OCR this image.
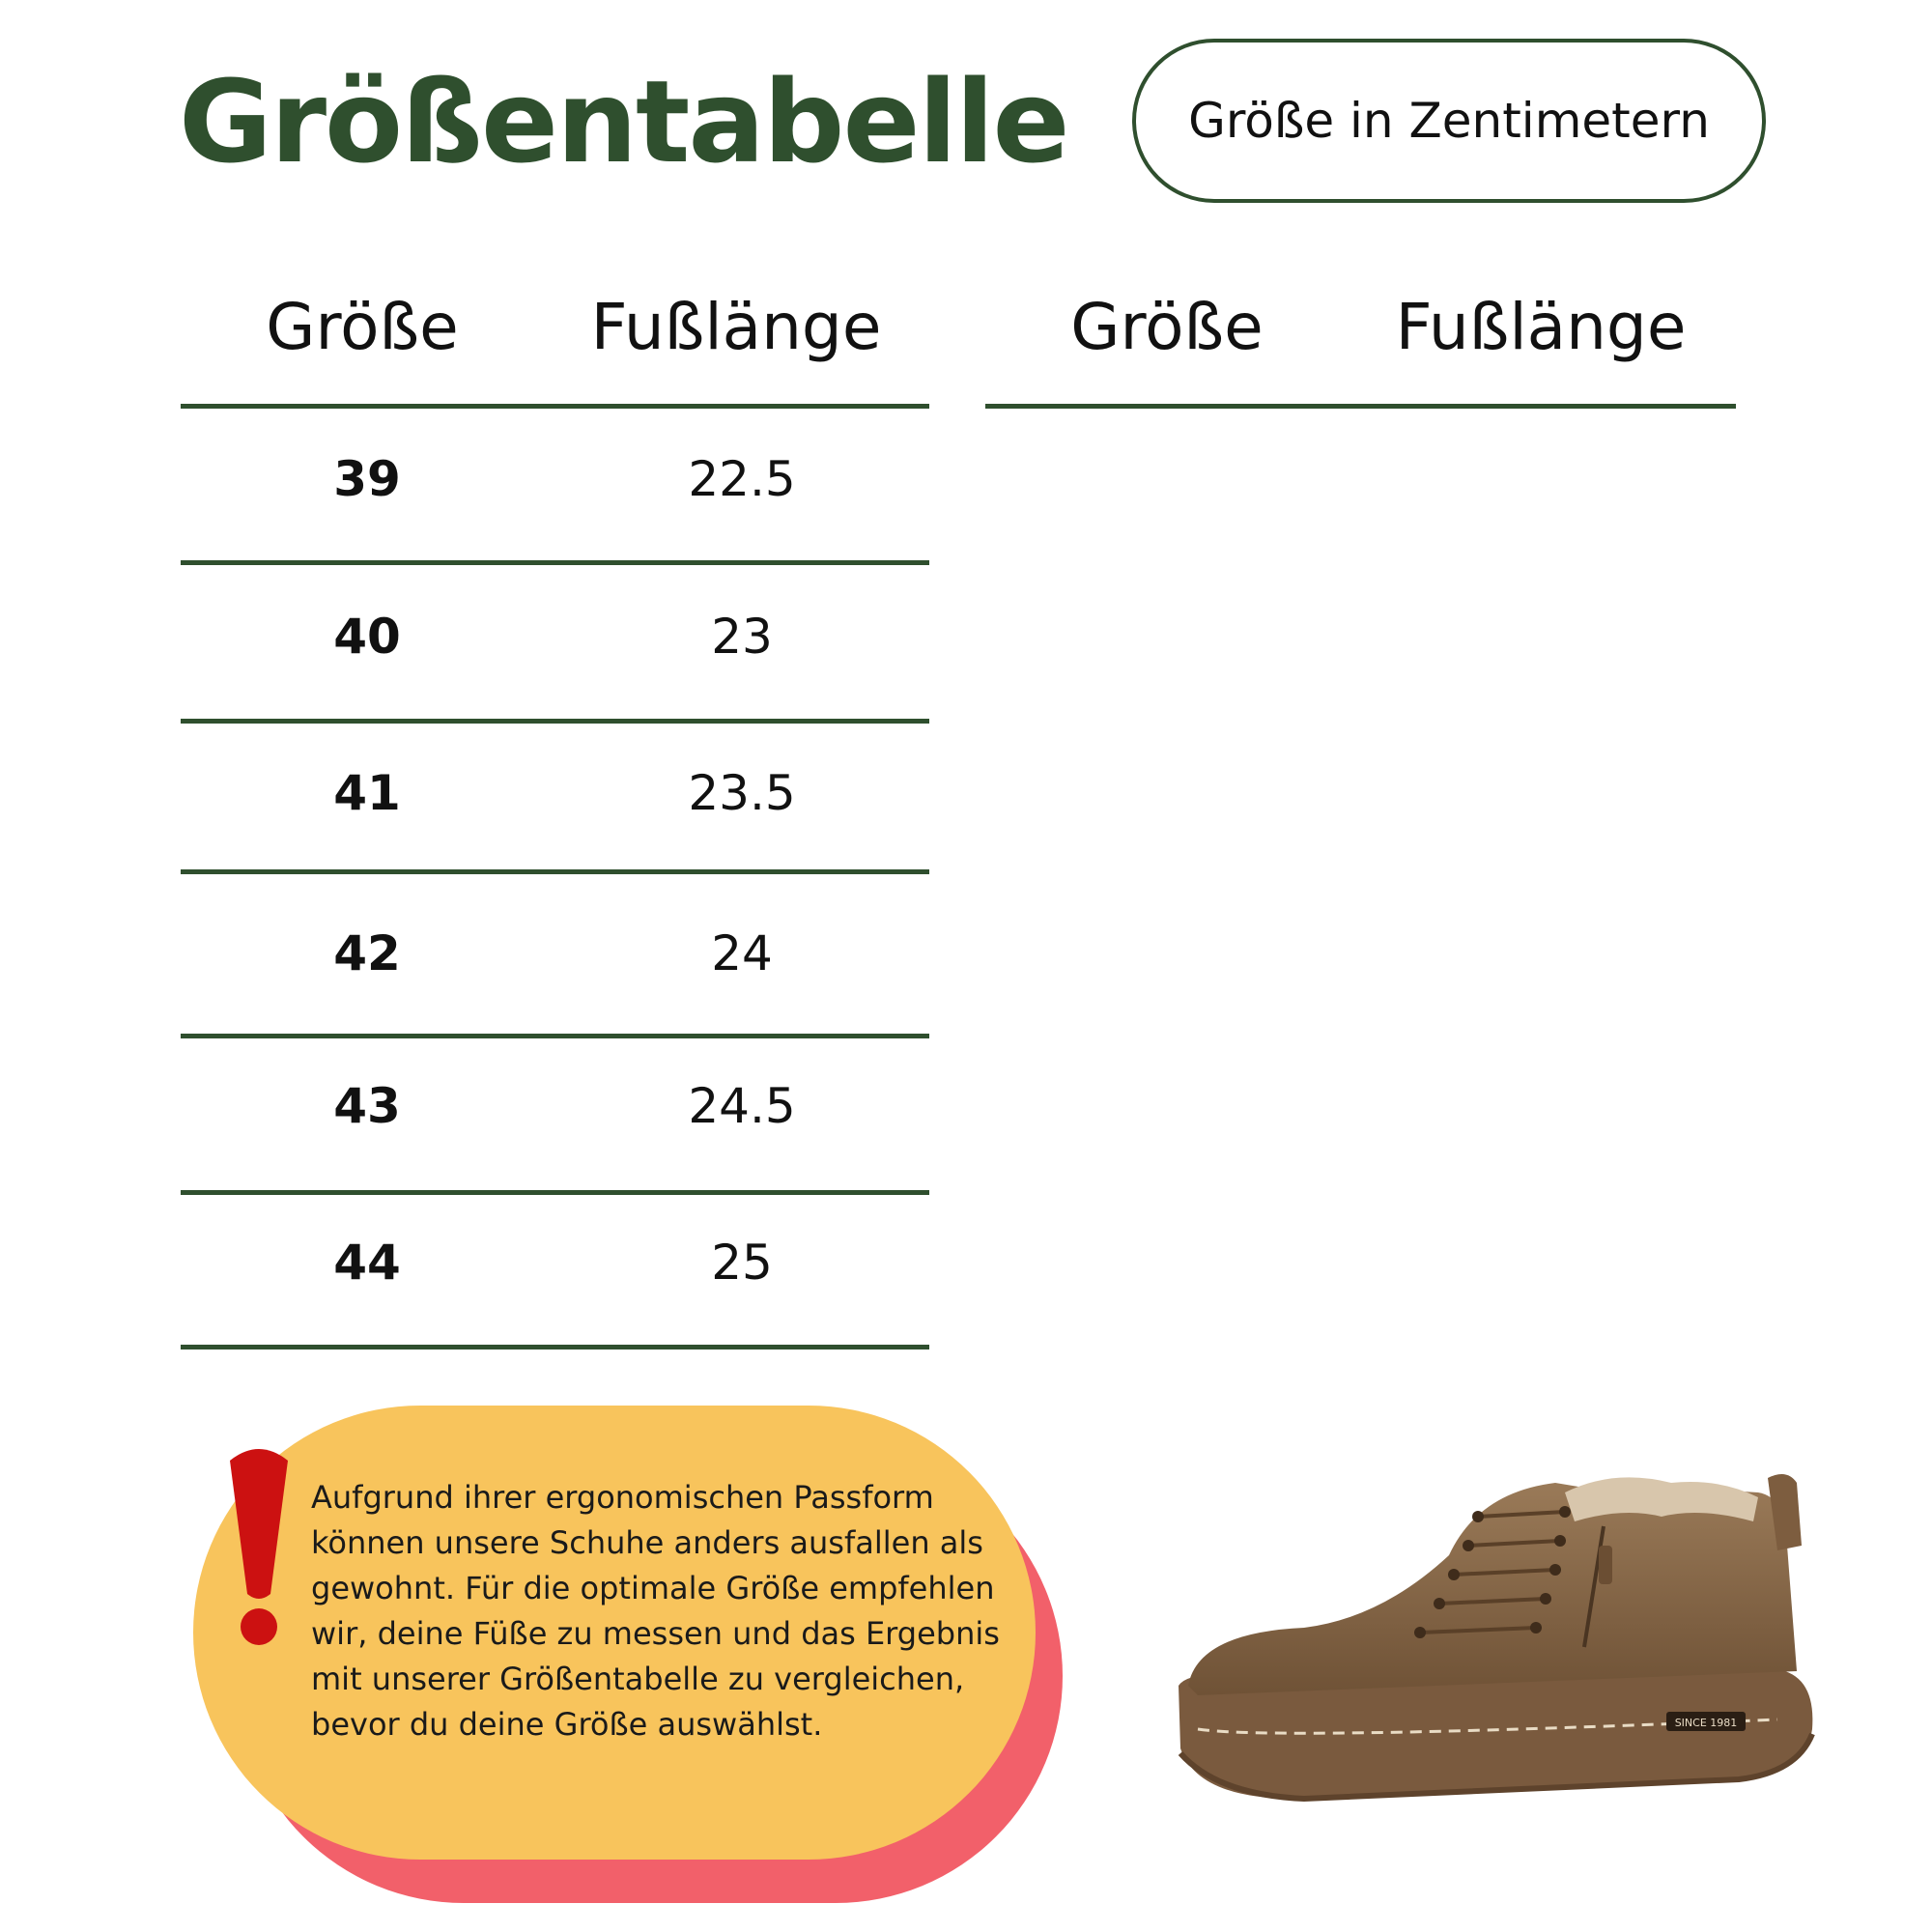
Größentabelle	Größe in Zentimetern
Größe	Fußlänge	Größe	Fußlänge
39	22.5
40	23
41	23.5
42	24
43	24.5
44	25

Aufgrund ihrer ergonomischen Passform können unsere Schuhe anders ausfallen als gewohnt. Für die optimale Größe empfehlen wir, deine Füße zu messen und das Ergebnis mit unserer Größentabelle zu vergleichen, bevor du deine Größe auswählst.	SINCE 1981
